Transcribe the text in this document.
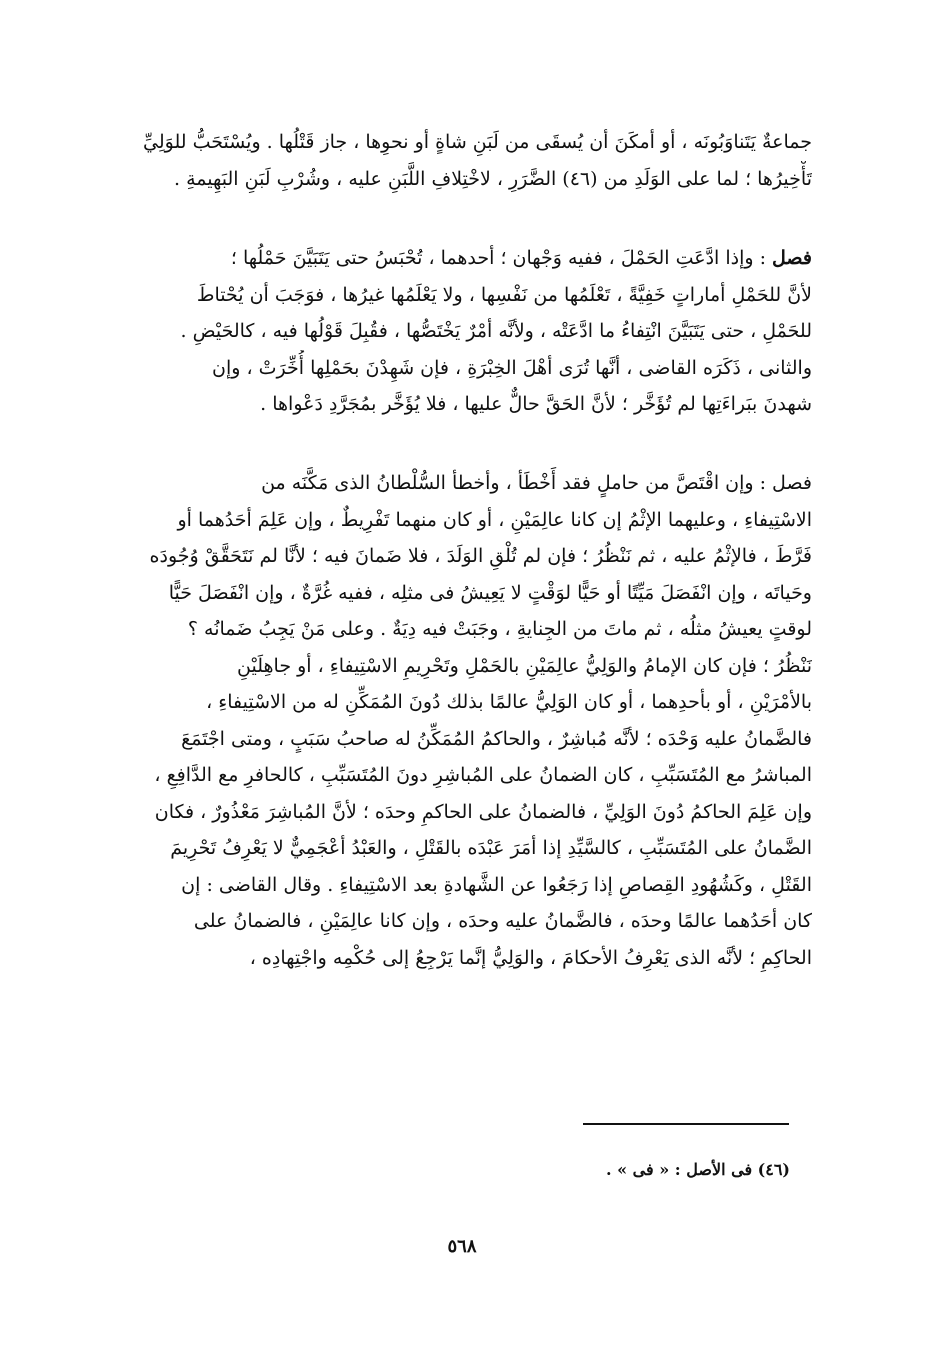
جماعةٌ يَتَناوَبُونَه ، أو أمكَنَ أن يُسقَى من لَبَنِ شاةٍ أو نحوِها ، جاز قَتْلُها . ويُسْتَحَبُّ للوَلِيِّ
تَأْخِيرُها ؛ لما على الوَلَدِ من (٤٦) الضَّرَرِ ، لاخْتِلافِ اللَّبَنِ عليه ، وشُرْبِ لَبَنِ البَهِيمةِ .
فصل : وإذا ادَّعَتِ الحَمْلَ ، ففيه وَجْهان ؛ أحدهما ، تُحْبَسُ حتى يَتَبَيَّنَ حَمْلُها ؛
لأنَّ للحَمْلِ أماراتٍ خَفِيَّةً ، تَعْلَمُها من نَفْسِها ، ولا يَعْلَمُها غيرُها ، فوَجَبَ أن يُحْتاطَ
للحَمْلِ ، حتى يَتَبَيَّنَ انْتِفاءُ ما ادَّعَتْه ، ولأنَّه أمْرٌ يَخْتَصُّها ، فقُبِلَ قَوْلُها فيه ، كالحَيْضِ .
والثانى ، ذَكَرَه القاضى ، أنَّها تُرَى أهْلَ الخِبْرَةِ ، فإن شَهِدْنَ بحَمْلِها أُخِّرَتْ ، وإن
شهدنَ ببَراءَتِها لم تُؤَخَّر ؛ لأنَّ الحَقَّ حالٌّ عليها ، فلا يُؤَخَّر بمُجَرَّدِ دَعْواها .
فصل : وإن اقْتَصَّ من حاملٍ فقد أَخْطَأ ، وأخطأ السُّلْطانُ الذى مَكَّنَه من
الاسْتِيفاءِ ، وعليهما الإثْمُ إن كانا عالِمَيْنِ ، أو كان منهما تَفْرِيطٌ ، وإن عَلِمَ أحَدُهما أو
فَرَّطَ ، فالإثْمُ عليه ، ثم نَنْظُرُ ؛ فإن لم تُلْقِ الوَلَدَ ، فلا ضَمانَ فيه ؛ لأنَّا لم نَتَحَقَّقْ وُجُودَه
وحَياتَه ، وإن انْفَصَلَ مَيِّتًا أو حَيًّا لوَقْتٍ لا يَعِيشُ فى مثلِه ، ففيه غُرَّةٌ ، وإن انْفَصَلَ حَيًّا
لوقتٍ يعيشُ مثلُه ، ثم ماتَ من الجِنايةِ ، وجَبَتْ فيه دِيَةٌ . وعلى مَنْ يَجِبُ ضَمانُه ؟
نَنْظُرُ ؛ فإن كان الإمامُ والوَلِيُّ عالِمَيْنِ بالحَمْلِ وتَحْرِيمِ الاسْتِيفاءِ ، أو جاهِلَيْنِ
بالأمْرَيْنِ ، أو بأحدِهما ، أو كان الوَلِيُّ عالمًا بذلك دُونَ المُمَكِّنِ له من الاسْتِيفاءِ ،
فالضَّمانُ عليه وَحْدَه ؛ لأنَّه مُباشِرٌ ، والحاكمُ المُمَكِّنُ له صاحبُ سَبَبٍ ، ومتى اجْتَمَعَ
المباشرُ مع المُتَسَبِّبِ ، كان الضمانُ على المُباشِرِ دونَ المُتَسَبِّبِ ، كالحافرِ مع الدَّافِعِ ،
وإن عَلِمَ الحاكمُ دُونَ الوَلِيِّ ، فالضمانُ على الحاكمِ وحدَه ؛ لأنَّ المُباشِرَ مَعْذُورٌ ، فكان
الضَّمانُ على المُتَسَبِّبِ ، كالسَّيِّدِ إذا أمَرَ عَبْدَه بالقَتْلِ ، والعَبْدُ أعْجَمِيٌّ لا يَعْرِفُ تَحْرِيمَ
القَتْلِ ، وكَشُهُودِ القِصاصِ إذا رَجَعُوا عن الشَّهادةِ بعد الاسْتِيفاءِ . وقال القاضى : إن
كان أحَدُهما عالمًا وحدَه ، فالضَّمانُ عليه وحدَه ، وإن كانا عالِمَيْنِ ، فالضمانُ على
الحاكِمِ ؛ لأنَّه الذى يَعْرِفُ الأحكامَ ، والوَلِيُّ إنَّما يَرْجِعُ إلى حُكْمِه واجْتِهادِه ،
(٤٦) فى الأصل : « فى » .
٥٦٨
